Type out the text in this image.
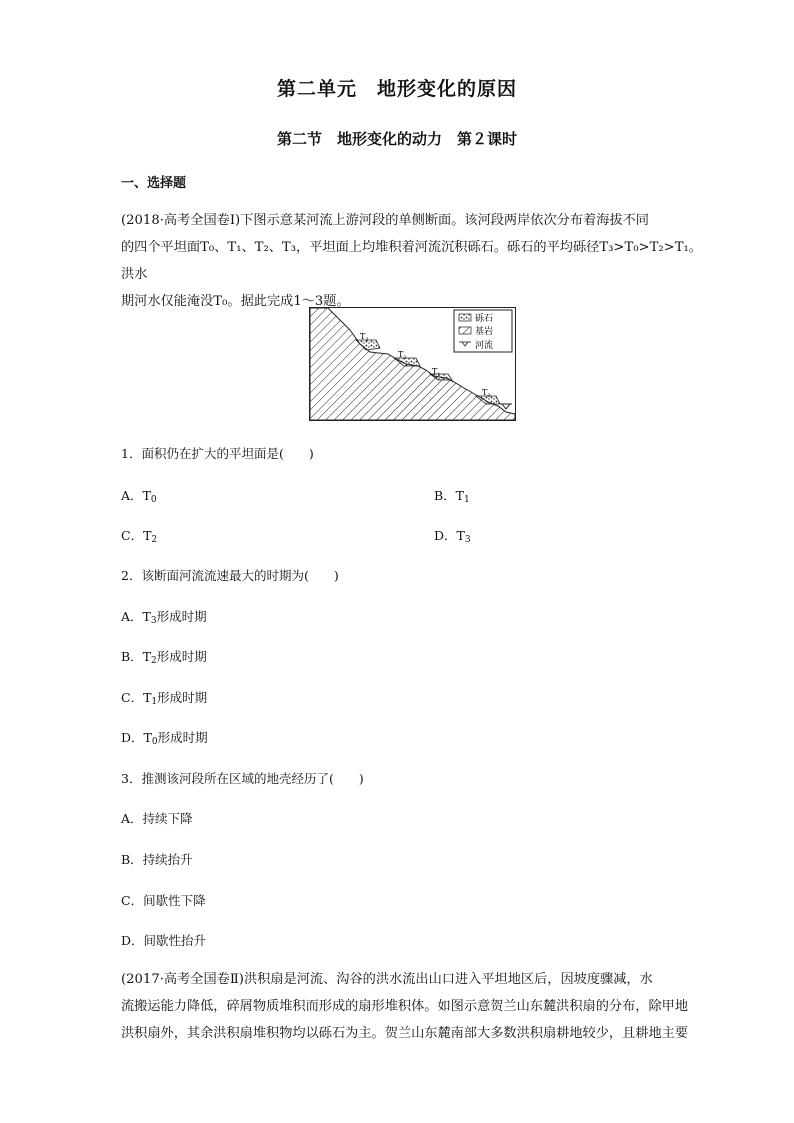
第二单元　地形变化的原因
第二节　地形变化的动力　第２课时
一、选择题
(2018·高考全国卷Ⅰ)下图示意某河流上游河段的单侧断面。该河段两岸依次分布着海拔不同
的四个平坦面T₀、T₁、T₂、T₃，平坦面上均堆积着河流沉积砾石。砾石的平均砾径T₃>T₀>T₂>T₁。洪水
期河水仅能淹没T₀。据此完成1～3题。
$T_3$
$T_2$
$T_1$
$T_0$
砾石
基岩
河流
1．面积仍在扩大的平坦面是(　　)
A．$T_0$	B．$T_1$
C．$T_2$	D．$T_3$
2．该断面河流流速最大的时期为(　　)
A．$T_3$形成时期
B．$T_2$形成时期
C．$T_1$形成时期
D．$T_0$形成时期
3．推测该河段所在区域的地壳经历了(　　)
A．持续下降
B．持续抬升
C．间歇性下降
D．间歇性抬升
(2017·高考全国卷Ⅱ)洪积扇是河流、沟谷的洪水流出山口进入平坦地区后，因坡度骤减，水
流搬运能力降低，碎屑物质堆积而形成的扇形堆积体。如图示意贺兰山东麓洪积扇的分布，除甲地
洪积扇外，其余洪积扇堆积物均以砾石为主。贺兰山东麓南部大多数洪积扇耕地较少，且耕地主要
